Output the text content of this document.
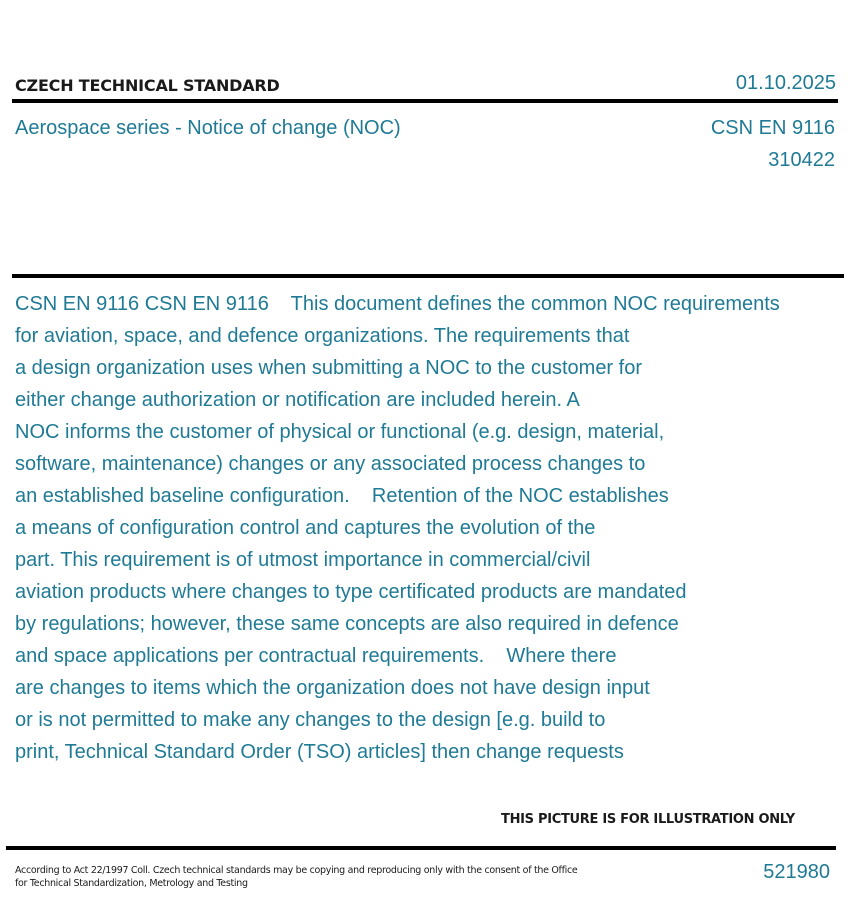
CZECH TECHNICAL STANDARD	01.10.2025
Aerospace series - Notice of change (NOC)	CSN EN 9116
310422
CSN EN 9116 CSN EN 9116    This document defines the common NOC requirements
for aviation, space, and defence organizations. The requirements that
a design organization uses when submitting a NOC to the customer for
either change authorization or notification are included herein. A
NOC informs the customer of physical or functional (e.g. design, material,
software, maintenance) changes or any associated process changes to
an established baseline configuration.    Retention of the NOC establishes
a means of configuration control and captures the evolution of the
part. This requirement is of utmost importance in commercial/civil
aviation products where changes to type certificated products are mandated
by regulations; however, these same concepts are also required in defence
and space applications per contractual requirements.    Where there
are changes to items which the organization does not have design input
or is not permitted to make any changes to the design [e.g. build to
print, Technical Standard Order (TSO) articles] then change requests
THIS PICTURE IS FOR ILLUSTRATION ONLY
According to Act 22/1997 Coll. Czech technical standards may be copying and reproducing only with the consent of the Office
for Technical Standardization, Metrology and Testing
521980
